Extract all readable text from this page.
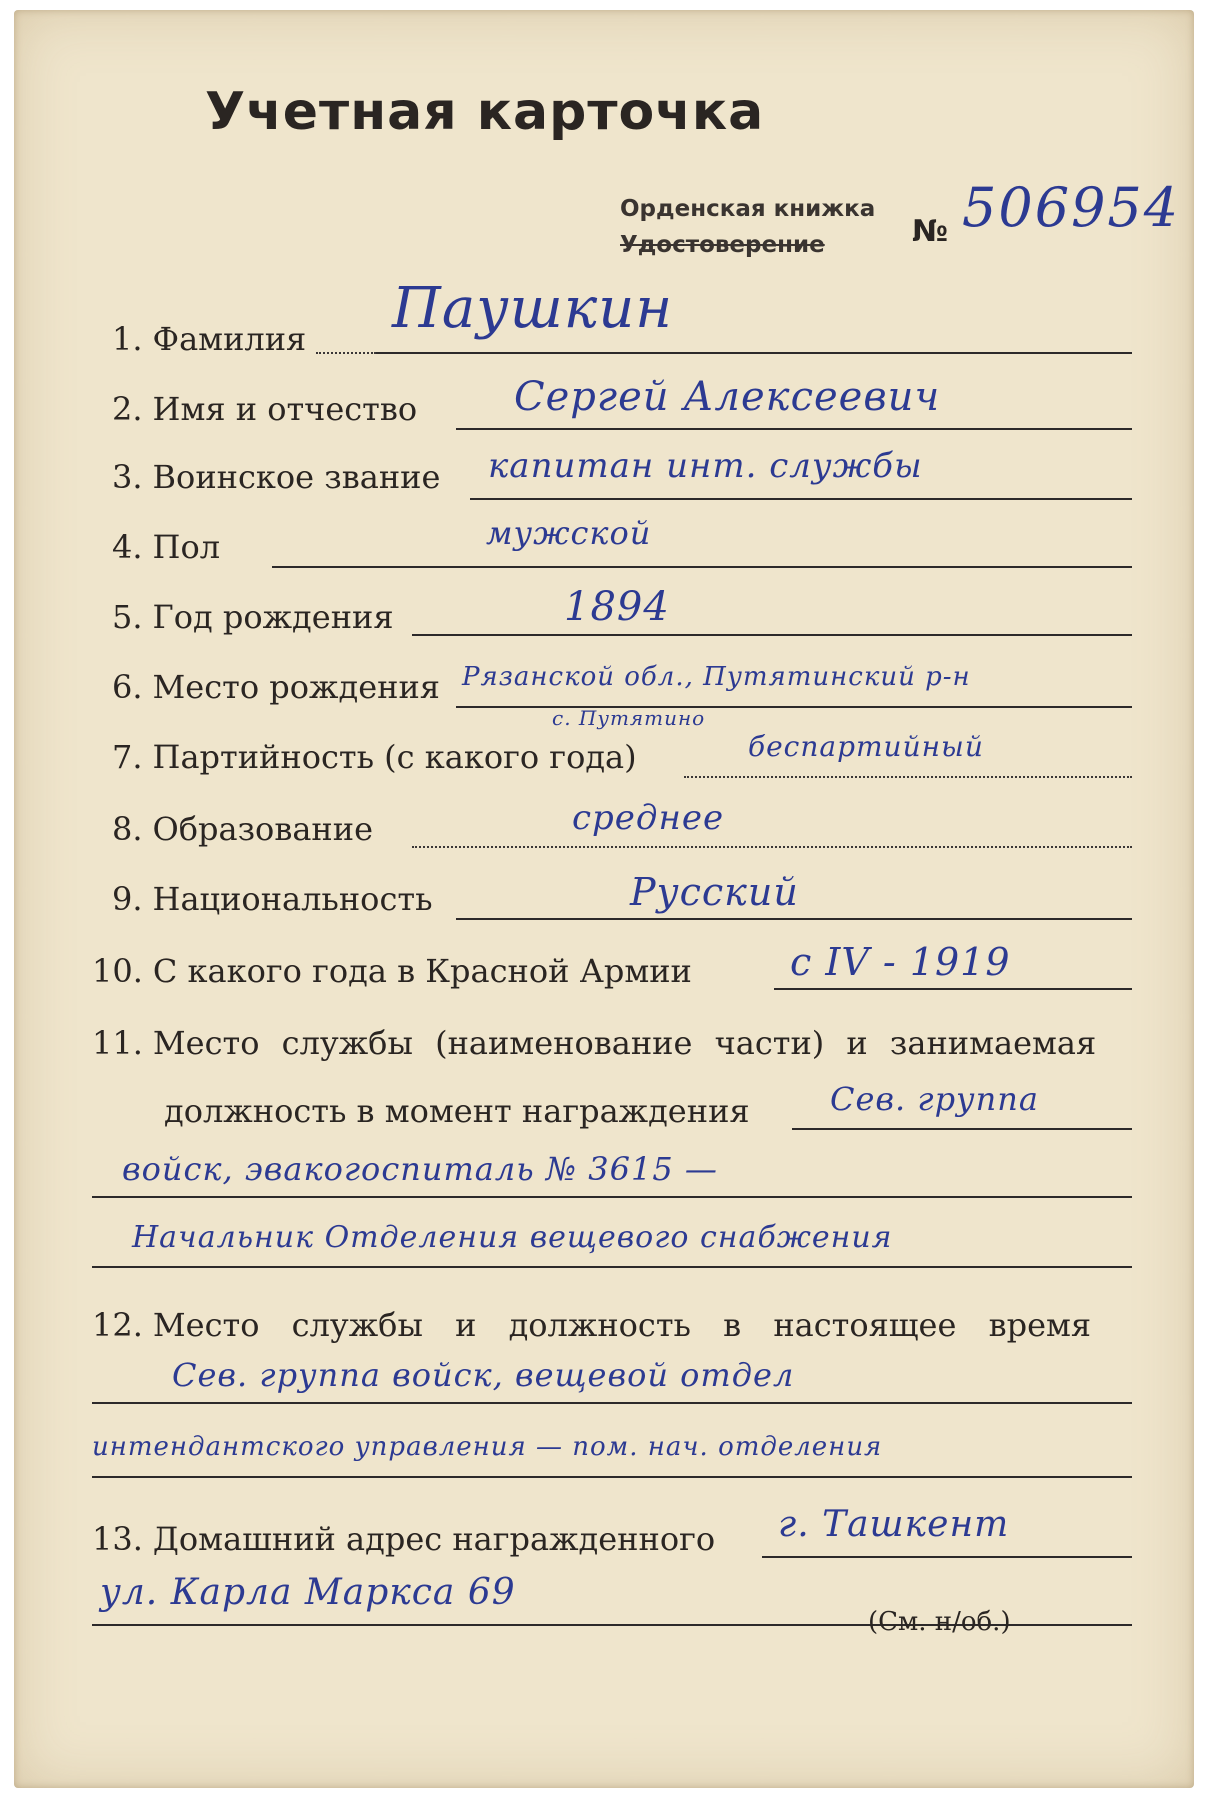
Учетная карточка
Орденская книжка
Удостоверение	№ 506954
1. Фамилия Паушкин
2. Имя и отчество Сергей Алексеевич
3. Воинское звание капитан инт. службы
4. Пол	мужской
5. Год рождения	1894
6. Место рождения Рязанской обл., Путятинский р-н
с. Путятино
7. Партийность (с какого года)	беспартийный
8. Образование	среднее
9. Национальность	Русский
10. С какого года в Красной Армии	с IV - 1919
11. Место службы (наименование части) и занимаемая
должность в момент награждения	Сев. группа
войск, эвакогоспиталь № 3615 —
Начальник Отделения вещевого снабжения
12. Место службы и должность в настоящее время
Сев. группа войск, вещевой отдел
интендантского управления — пом. нач. отделения
13. Домашний адрес награжденного г. Ташкент
ул. Карла Маркса 69
(См. н/об.)
